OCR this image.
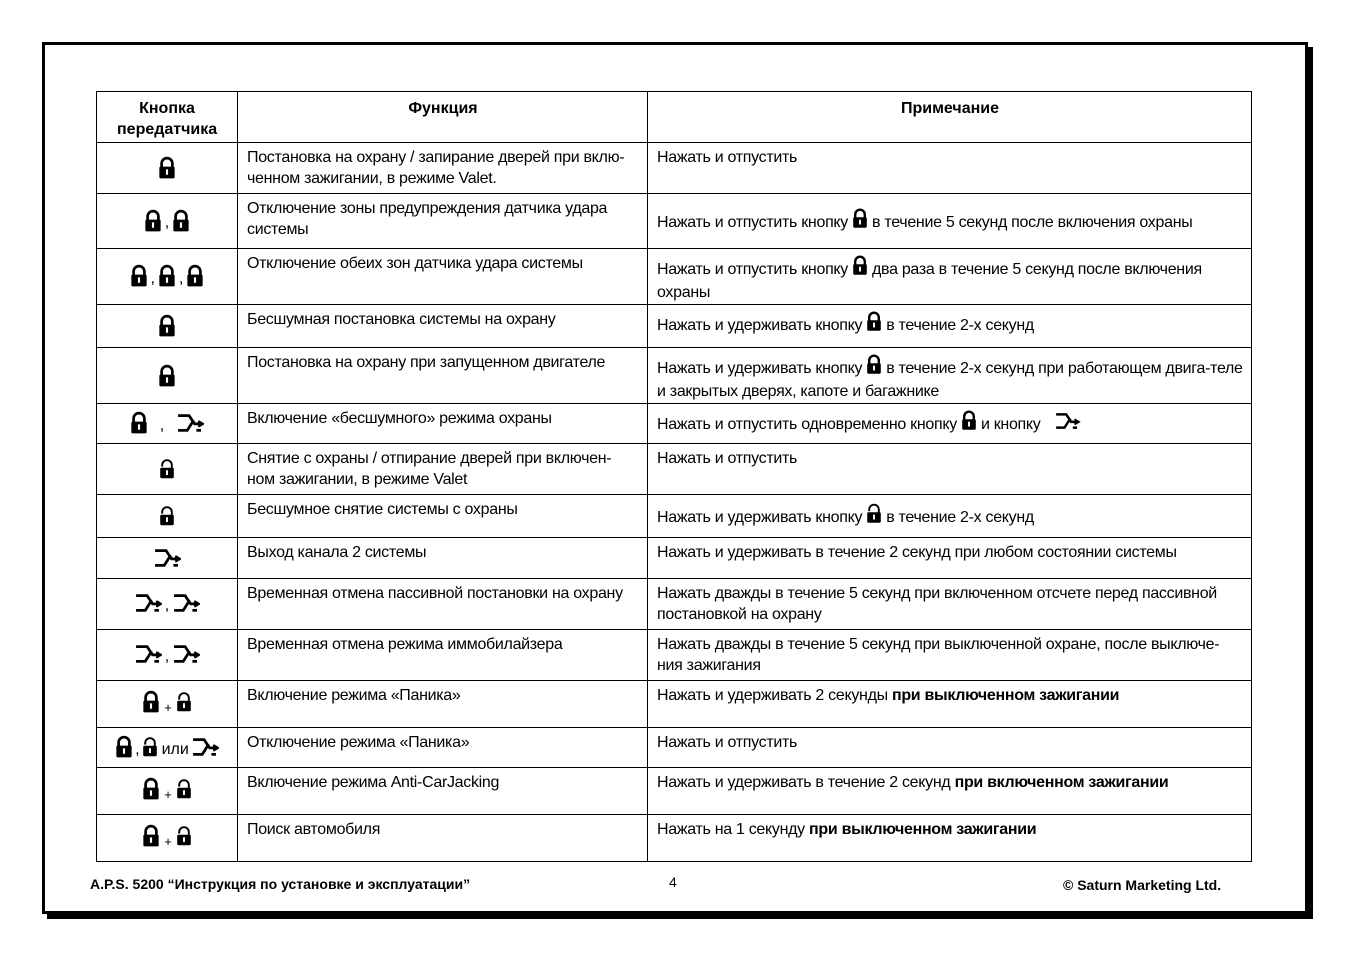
Кнопка передатчика	Функция	Примечание

	Постановка на охрану / запирание дверей при вклю-ченном зажигании, в режиме Valet.	Нажать и отпустить

,	Отключение зоны предупреждения датчика удара системы	Нажать и отпустить кнопку в течение 5 секунд после включения охраны

, ,	Отключение обеих зон датчика удара системы	Нажать и отпустить кнопку два раза в течение 5 секунд после включения охраны

	Бесшумная постановка системы на охрану	Нажать и удерживать кнопку в течение 2-х секунд

	Постановка на охрану при запущенном двигателе	Нажать и удерживать кнопку в течение 2-х секунд при работающем двига-теле и закрытых дверях, капоте и багажнике

,	Включение «бесшумного» режима охраны	Нажать и отпустить одновременно кнопку и кнопку

	Снятие с охраны / отпирание дверей при включен-ном зажигании, в режиме Valet	Нажать и отпустить

	Бесшумное снятие системы с охраны	Нажать и удерживать кнопку в течение 2-х секунд

	Выход канала 2 системы	Нажать и удерживать в течение 2 секунд при любом состоянии системы

,	Временная отмена пассивной постановки на охрану	Нажать дважды в течение 5 секунд при включенном отсчете перед пассивной постановкой на охрану

,	Временная отмена режима иммобилайзера	Нажать дважды в течение 5 секунд при выключенной охране, после выключе-ния зажигания

$_+$	Включение режима «Паника»	Нажать и удерживать 2 секунды при выключенном зажигании

, или	Отключение режима «Паника»	Нажать и отпустить

$_+$	Включение режима Anti-CarJacking	Нажать и удерживать в течение 2 секунд при включенном зажигании

$_+$	Поиск автомобиля	Нажать на 1 секунду при выключенном зажигании
A.P.S. 5200 “Инструкция по установке и эксплуатации”	4	© Saturn Marketing Ltd.
